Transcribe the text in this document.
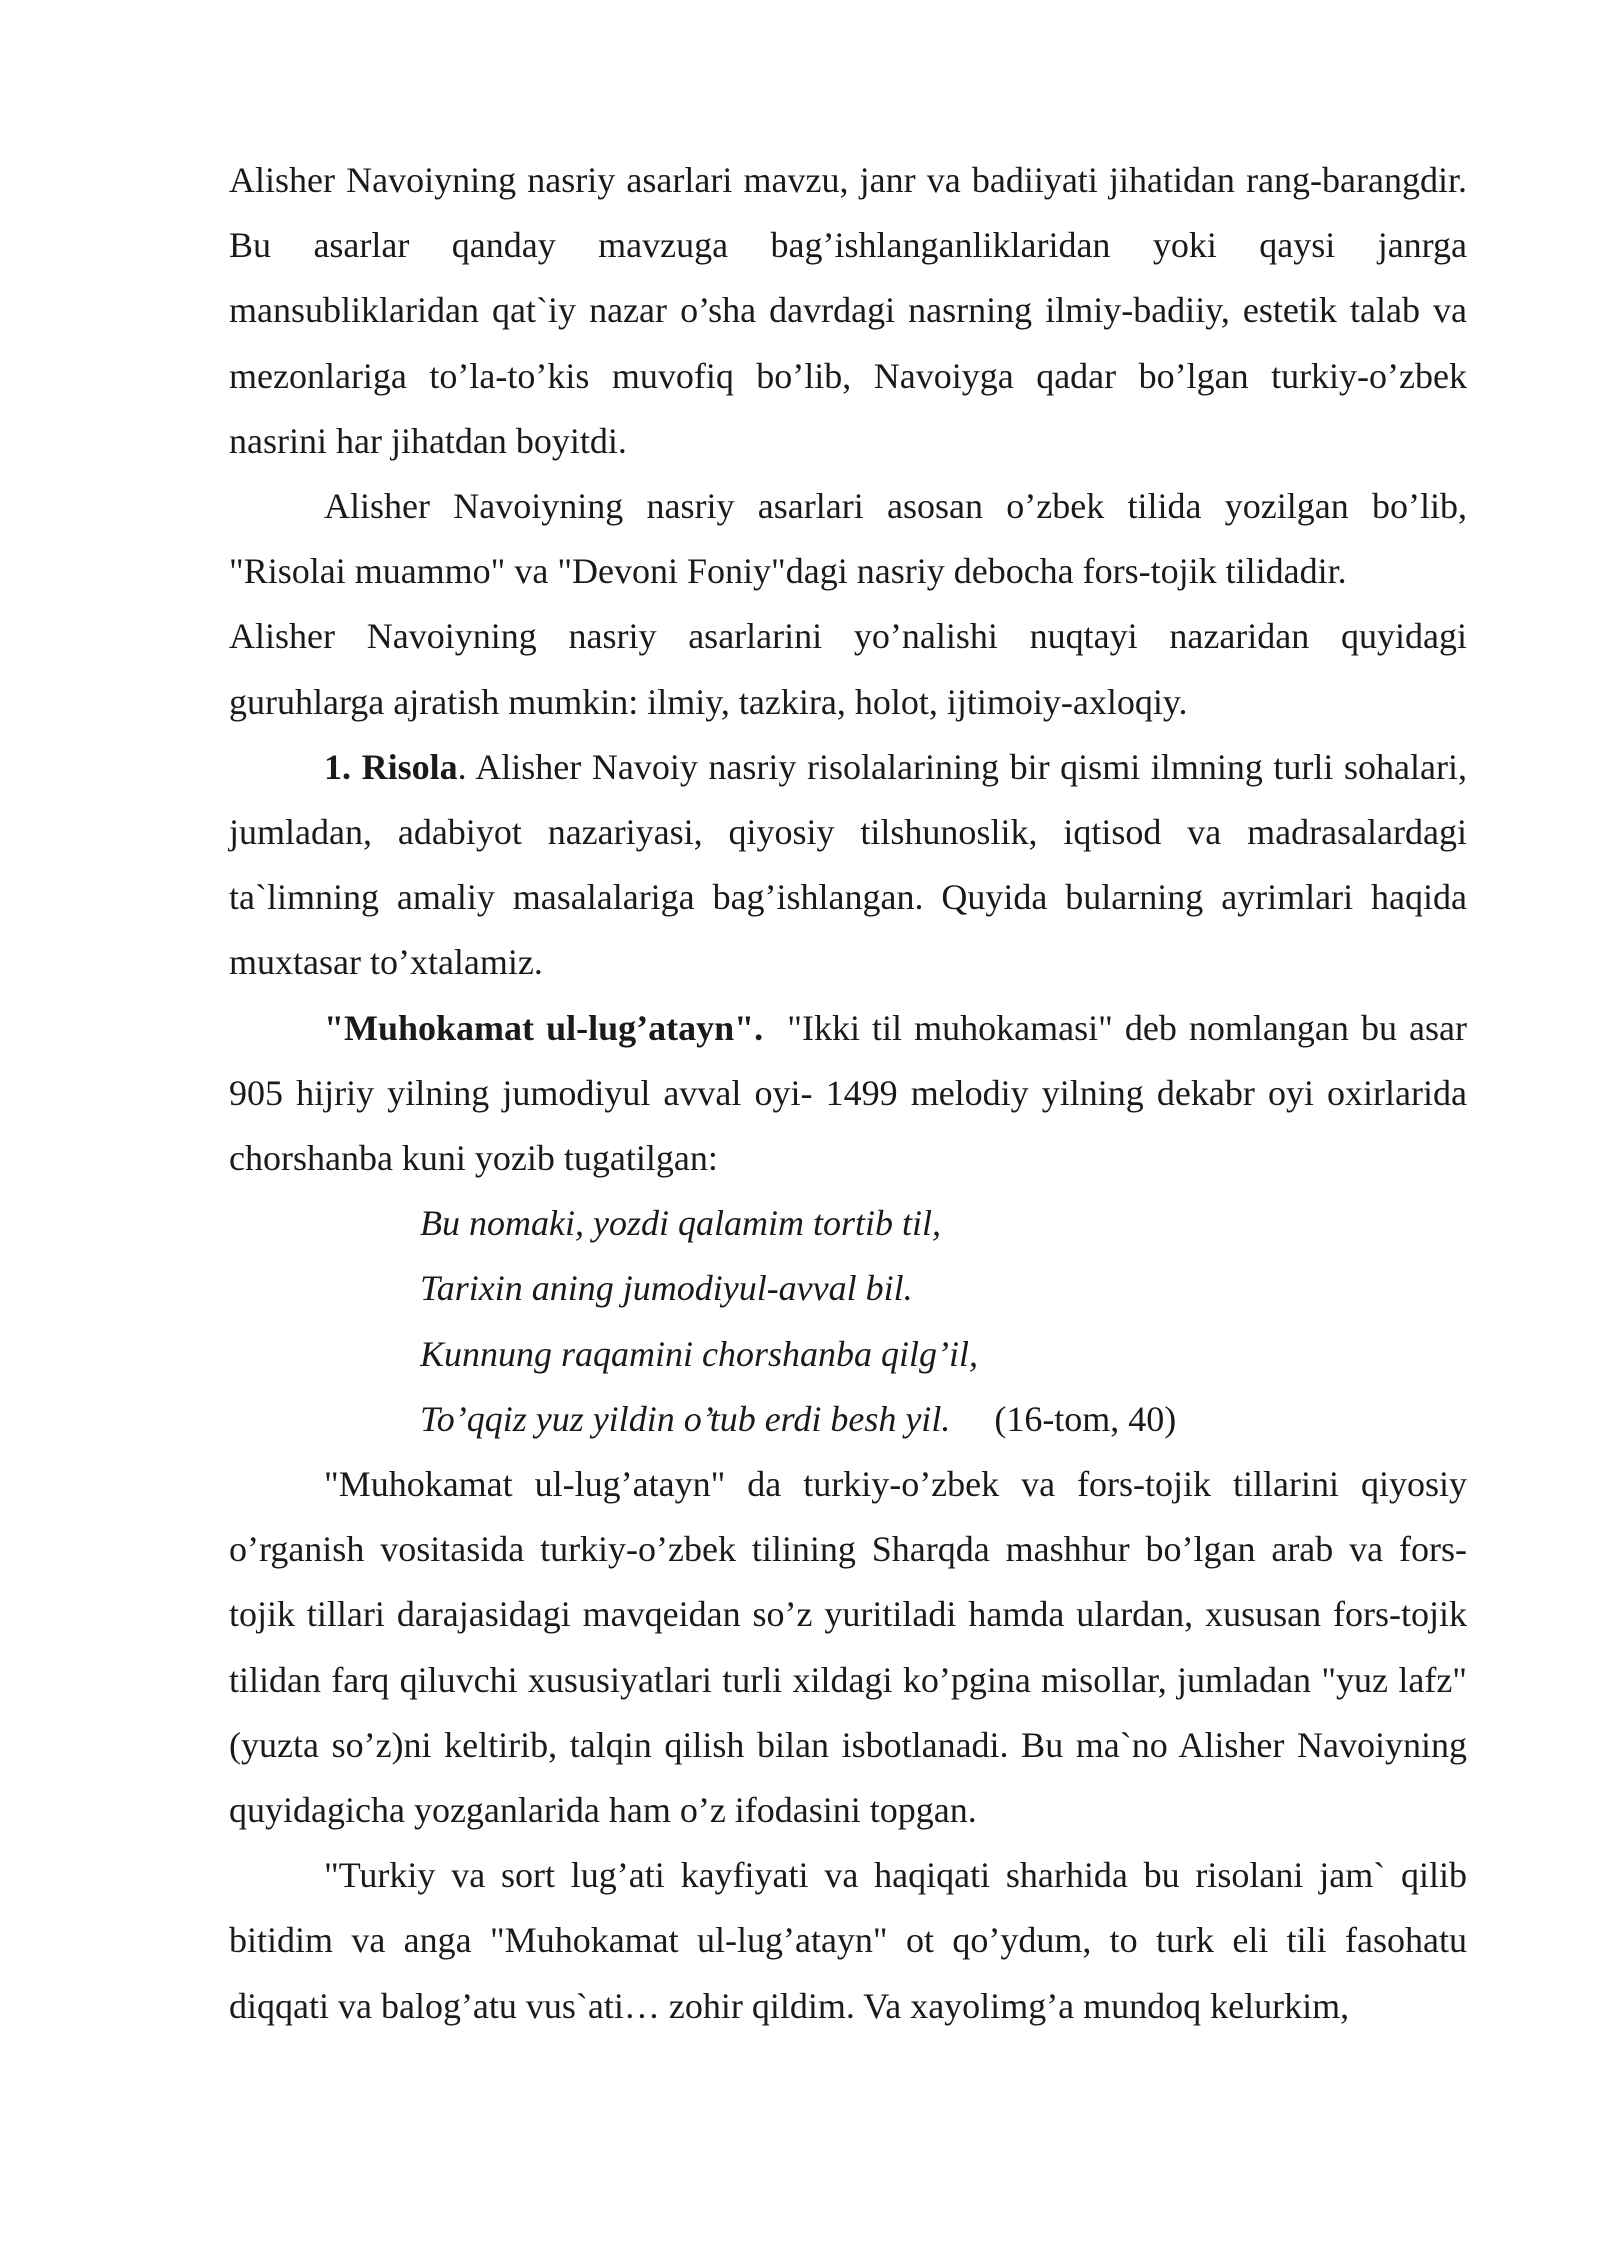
Alisher Navoiyning nasriy asarlari mavzu, janr va badiiyati jihatidan rang-barangdir. Bu asarlar qanday mavzuga bag’ishlanganliklaridan yoki qaysi janrga mansubliklaridan qat`iy nazar o’sha davrdagi nasrning ilmiy-badiiy, estetik talab va mezonlariga to’la-to’kis muvofiq bo’lib, Navoiyga qadar bo’lgan turkiy-o’zbek nasrini har jihatdan boyitdi.

Alisher Navoiyning nasriy asarlari asosan o’zbek tilida yozilgan bo’lib, "Risolai muammo" va "Devoni Foniy"dagi nasriy debocha fors-tojik tilidadir.

Alisher Navoiyning nasriy asarlarini yo’nalishi nuqtayi nazaridan quyidagi guruhlarga ajratish mumkin: ilmiy, tazkira, holot, ijtimoiy-axloqiy.

1. Risola. Alisher Navoiy nasriy risolalarining bir qismi ilmning turli sohalari, jumladan, adabiyot nazariyasi, qiyosiy tilshunoslik, iqtisod va madrasalardagi ta`limning amaliy masalalariga bag’ishlangan. Quyida bularning ayrimlari haqida muxtasar to’xtalamiz.

"Muhokamat ul-lug’atayn".  "Ikki til muhokamasi" deb nomlangan bu asar 905 hijriy yilning jumodiyul avval oyi- 1499 melodiy yilning dekabr oyi oxirlarida chorshanba kuni yozib tugatilgan:

Bu nomaki, yozdi qalamim tortib til,

Tarixin aning jumodiyul-avval bil.

Kunnung raqamini chorshanba qilg’il,

To’qqiz yuz yildin o’tub erdi besh yil. (16-tom, 40)

"Muhokamat ul-lug’atayn" da turkiy-o’zbek va fors-tojik tillarini qiyosiy o’rganish vositasida turkiy-o’zbek tilining Sharqda mashhur bo’lgan arab va fors-tojik tillari darajasidagi mavqeidan so’z yuritiladi hamda ulardan, xususan fors-tojik tilidan farq qiluvchi xususiyatlari turli xildagi ko’pgina misollar, jumladan "yuz lafz" (yuzta so’z)ni keltirib, talqin qilish bilan isbotlanadi. Bu ma`no Alisher Navoiyning quyidagicha yozganlarida ham o’z ifodasini topgan.

"Turkiy va sort lug’ati kayfiyati va haqiqati sharhida bu risolani jam` qilib bitidim va anga "Muhokamat ul-lug’atayn" ot qo’ydum, to turk eli tili fasohatu diqqati va balog’atu vus`ati… zohir qildim. Va xayolimg’a mundoq kelurkim,
